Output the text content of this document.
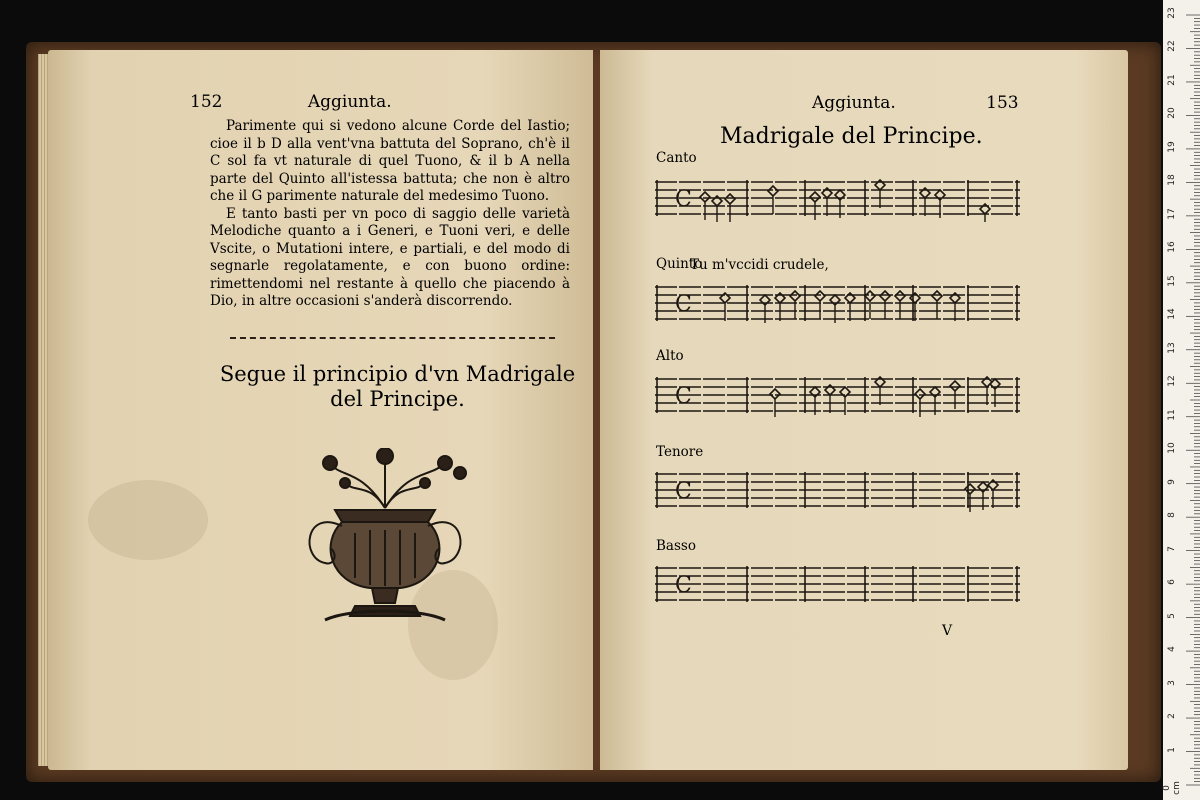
152	Aggiunta.

Parimente qui si vedono alcune Corde del Iastio; cioe il b D alla vent'vna battuta del Soprano, ch'è il C sol fa vt naturale di quel Tuono, & il b A nella parte del Quinto all'istessa battuta; che non è altro che il G parimente naturale del medesimo Tuono.

E tanto basti per vn poco di saggio delle varietà Melodiche quanto a i Generi, e Tuoni veri, e delle Vscite, o Mutationi intere, e partiali, e del modo di segnarle regolatamente, e con buono ordine: rimettendomi nel restante à quello che piacendo à Dio, in altre occasioni s'anderà discorrendo.

Segue il principio d'vn Madrigale
del Principe.
Aggiunta.	153
Madrigale del Principe.
Canto
C
Tu m'vccidi crudele,
Quinto
C
Alto
C
Tenore
C
Basso
C
V
0 cm
1
2
3
4
5
6
7
8
9
10
11
12
13
14
15
16
17
18
19
20
21
22
23
